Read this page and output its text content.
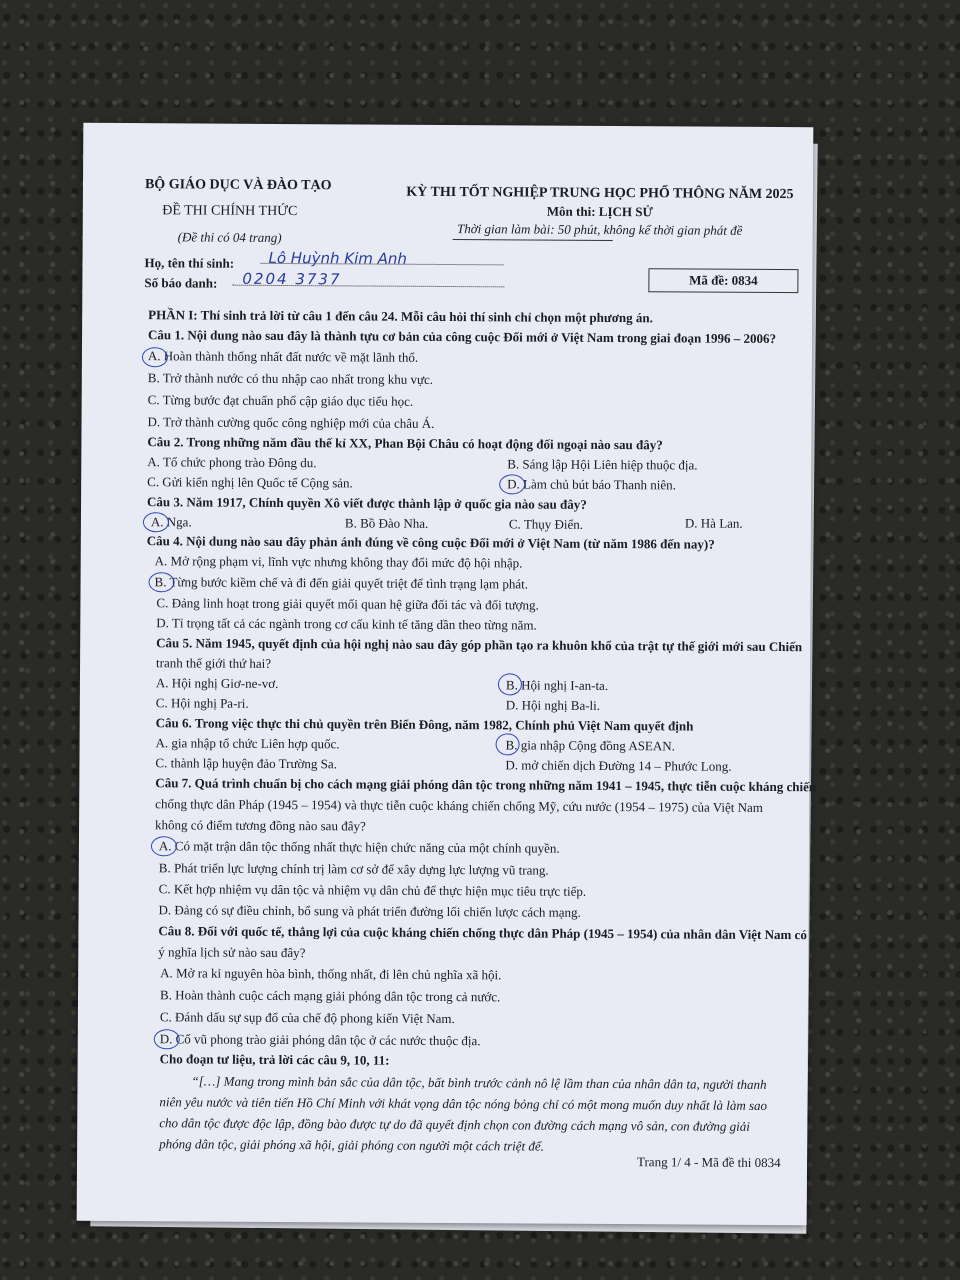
BỘ GIÁO DỤC VÀ ĐÀO TẠO
ĐỀ THI CHÍNH THỨC
(Đề thi có 04 trang)
KỲ THI TỐT NGHIỆP TRUNG HỌC PHỔ THÔNG NĂM 2025
Môn thi: LỊCH SỬ
Thời gian làm bài: 50 phút, không kể thời gian phát đề
Họ, tên thí sinh: Lô Huỳnh Kim Anh
Số báo danh: 0204 3737	Mã đề: 0834
PHẦN I: Thí sinh trả lời từ câu 1 đến câu 24. Mỗi câu hỏi thí sinh chỉ chọn một phương án.
Câu 1. Nội dung nào sau đây là thành tựu cơ bản của công cuộc Đổi mới ở Việt Nam trong giai đoạn 1996 – 2006?
A. Hoàn thành thống nhất đất nước về mặt lãnh thổ.
B. Trở thành nước có thu nhập cao nhất trong khu vực.
C. Từng bước đạt chuẩn phổ cập giáo dục tiểu học.
D. Trở thành cường quốc công nghiệp mới của châu Á.
Câu 2. Trong những năm đầu thế kỉ XX, Phan Bội Châu có hoạt động đối ngoại nào sau đây?
A. Tổ chức phong trào Đông du.	B. Sáng lập Hội Liên hiệp thuộc địa.
C. Gửi kiến nghị lên Quốc tế Cộng sản.	D. Làm chủ bút báo Thanh niên.
Câu 3. Năm 1917, Chính quyền Xô viết được thành lập ở quốc gia nào sau đây?
A. Nga.	B. Bồ Đào Nha.	C. Thụy Điển.	D. Hà Lan.
Câu 4. Nội dung nào sau đây phản ánh đúng về công cuộc Đổi mới ở Việt Nam (từ năm 1986 đến nay)?
A. Mở rộng phạm vi, lĩnh vực nhưng không thay đổi mức độ hội nhập.
B. Từng bước kiềm chế và đi đến giải quyết triệt để tình trạng lạm phát.
C. Đảng linh hoạt trong giải quyết mối quan hệ giữa đối tác và đối tượng.
D. Tỉ trọng tất cả các ngành trong cơ cấu kinh tế tăng dần theo từng năm.
Câu 5. Năm 1945, quyết định của hội nghị nào sau đây góp phần tạo ra khuôn khổ của trật tự thế giới mới sau Chiến
tranh thế giới thứ hai?
A. Hội nghị Giơ-ne-vơ.	B. Hội nghị I-an-ta.
C. Hội nghị Pa-ri.	D. Hội nghị Ba-li.
Câu 6. Trong việc thực thi chủ quyền trên Biển Đông, năm 1982, Chính phủ Việt Nam quyết định
A. gia nhập tổ chức Liên hợp quốc.	B. gia nhập Cộng đồng ASEAN.
C. thành lập huyện đảo Trường Sa.	D. mở chiến dịch Đường 14 – Phước Long.
Câu 7. Quá trình chuẩn bị cho cách mạng giải phóng dân tộc trong những năm 1941 – 1945, thực tiễn cuộc kháng chiến
chống thực dân Pháp (1945 – 1954) và thực tiễn cuộc kháng chiến chống Mỹ, cứu nước (1954 – 1975) của Việt Nam
không có điểm tương đồng nào sau đây?
A. Có mặt trận dân tộc thống nhất thực hiện chức năng của một chính quyền.
B. Phát triển lực lượng chính trị làm cơ sở để xây dựng lực lượng vũ trang.
C. Kết hợp nhiệm vụ dân tộc và nhiệm vụ dân chủ để thực hiện mục tiêu trực tiếp.
D. Đảng có sự điều chỉnh, bổ sung và phát triển đường lối chiến lược cách mạng.
Câu 8. Đối với quốc tế, thắng lợi của cuộc kháng chiến chống thực dân Pháp (1945 – 1954) của nhân dân Việt Nam có
ý nghĩa lịch sử nào sau đây?
A. Mở ra kỉ nguyên hòa bình, thống nhất, đi lên chủ nghĩa xã hội.
B. Hoàn thành cuộc cách mạng giải phóng dân tộc trong cả nước.
C. Đánh dấu sự sụp đổ của chế độ phong kiến Việt Nam.
D. Cổ vũ phong trào giải phóng dân tộc ở các nước thuộc địa.
Cho đoạn tư liệu, trả lời các câu 9, 10, 11:
“[…] Mang trong mình bản sắc của dân tộc, bất bình trước cảnh nô lệ lầm than của nhân dân ta, người thanh
niên yêu nước và tiên tiến Hồ Chí Minh với khát vọng dân tộc nóng bỏng chỉ có một mong muốn duy nhất là làm sao
cho dân tộc được độc lập, đồng bào được tự do đã quyết định chọn con đường cách mạng vô sản, con đường giải
phóng dân tộc, giải phóng xã hội, giải phóng con người một cách triệt để.
Trang 1/ 4 - Mã đề thi 0834
